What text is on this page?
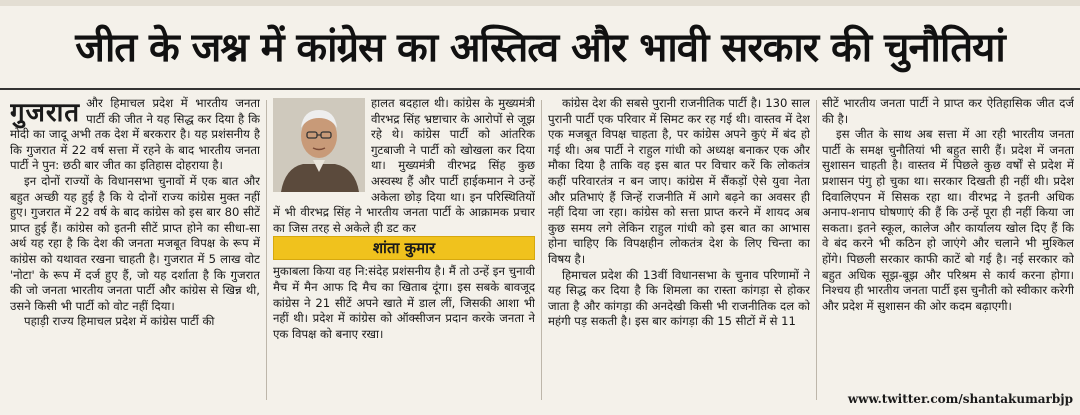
जीत के जश्न में कांग्रेस का अस्तित्व और भावी सरकार की चुनौतियां

गुजरात और हिमाचल प्रदेश में भारतीय जनता पार्टी की जीत ने यह सिद्ध कर दिया है कि मोदी का जादू अभी तक देश में बरकरार है। यह प्रशंसनीय है कि गुजरात में 22 वर्ष सत्ता में रहने के बाद भारतीय जनता पार्टी ने पुन: छठी बार जीत का इतिहास दोहराया है।

इन दोनों राज्यों के विधानसभा चुनावों में एक बात और बहुत अच्छी यह हुई है कि ये दोनों राज्य कांग्रेस मुक्त नहीं हुए। गुजरात में 22 वर्ष के बाद कांग्रेस को इस बार 80 सीटें प्राप्त हुई हैं। कांग्रेस को इतनी सीटें प्राप्त होने का सीधा-सा अर्थ यह रहा है कि देश की जनता मजबूत विपक्ष के रूप में कांग्रेस को यथावत रखना चाहती है। गुजरात में 5 लाख वोट 'नोटा' के रूप में दर्ज हुए हैं, जो यह दर्शाता है कि गुजरात की जो जनता भारतीय जनता पार्टी और कांग्रेस से खिन्न थी, उसने किसी भी पार्टी को वोट नहीं दिया।

पहाड़ी राज्य हिमाचल प्रदेश में कांग्रेस पार्टी की

हालत बदहाल थी। कांग्रेस के मुख्यमंत्री वीरभद्र सिंह भ्रष्टाचार के आरोपों से जूझ रहे थे। कांग्रेस पार्टी को आंतरिक गुटबाजी ने पार्टी को खोखला कर दिया था। मुख्यमंत्री वीरभद्र सिंह कुछ अस्वस्थ हैं और पार्टी हाईकमान ने उन्हें अकेला छोड़ दिया था। इन परिस्थितियों में भी वीरभद्र सिंह ने भारतीय जनता पार्टी के आक्रामक प्रचार का जिस तरह से अकेले ही डट कर

शांता कुमार

मुकाबला किया वह नि:संदेह प्रशंसनीय है। मैं तो उन्हें इन चुनावी मैच में मैन आफ दि मैच का खिताब दूंगा। इस सबके बावजूद कांग्रेस ने 21 सीटें अपने खाते में डाल लीं, जिसकी आशा भी नहीं थी। प्रदेश में कांग्रेस को ऑक्सीजन प्रदान करके जनता ने एक विपक्ष को बनाए रखा।

कांग्रेस देश की सबसे पुरानी राजनीतिक पार्टी है। 130 साल पुरानी पार्टी एक परिवार में सिमट कर रह गई थी। वास्तव में देश एक मजबूत विपक्ष चाहता है, पर कांग्रेस अपने कुएं में बंद हो गई थी। अब पार्टी ने राहुल गांधी को अध्यक्ष बनाकर एक और मौका दिया है ताकि वह इस बात पर विचार करें कि लोकतंत्र कहीं परिवारतंत्र न बन जाए। कांग्रेस में सैंकड़ों ऐसे युवा नेता और प्रतिभाएं हैं जिन्हें राजनीति में आगे बढ़ने का अवसर ही नहीं दिया जा रहा। कांग्रेस को सत्ता प्राप्त करने में शायद अब कुछ समय लगे लेकिन राहुल गांधी को इस बात का आभास होना चाहिए कि विपक्षहीन लोकतंत्र देश के लिए चिन्ता का विषय है।

हिमाचल प्रदेश की 13वीं विधानसभा के चुनाव परिणामों ने यह सिद्ध कर दिया है कि शिमला का रास्ता कांगड़ा से होकर जाता है और कांगड़ा की अनदेखी किसी भी राजनीतिक दल को महंगी पड़ सकती है। इस बार कांगड़ा की 15 सीटों में से 11

सीटें भारतीय जनता पार्टी ने प्राप्त कर ऐतिहासिक जीत दर्ज की है।

इस जीत के साथ अब सत्ता में आ रही भारतीय जनता पार्टी के समक्ष चुनौतियां भी बहुत सारी हैं। प्रदेश में जनता सुशासन चाहती है। वास्तव में पिछले कुछ वर्षों से प्रदेश में प्रशासन पंगु हो चुका था। सरकार दिखती ही नहीं थी। प्रदेश दिवालिएपन में सिसक रहा था। वीरभद्र ने इतनी अधिक अनाप-शनाप घोषणाएं की हैं कि उन्हें पूरा ही नहीं किया जा सकता। इतने स्कूल, कालेज और कार्यालय खोल दिए हैं कि वे बंद करने भी कठिन हो जाएंगे और चलाने भी मुश्किल होंगे। पिछली सरकार काफी काटें बो गई है। नई सरकार को बहुत अधिक सूझ-बूझ और परिश्रम से कार्य करना होगा। निश्चय ही भारतीय जनता पार्टी इस चुनौती को स्वीकार करेगी और प्रदेश में सुशासन की ओर कदम बढ़ाएगी।

www.twitter.com/shantakumarbjp
